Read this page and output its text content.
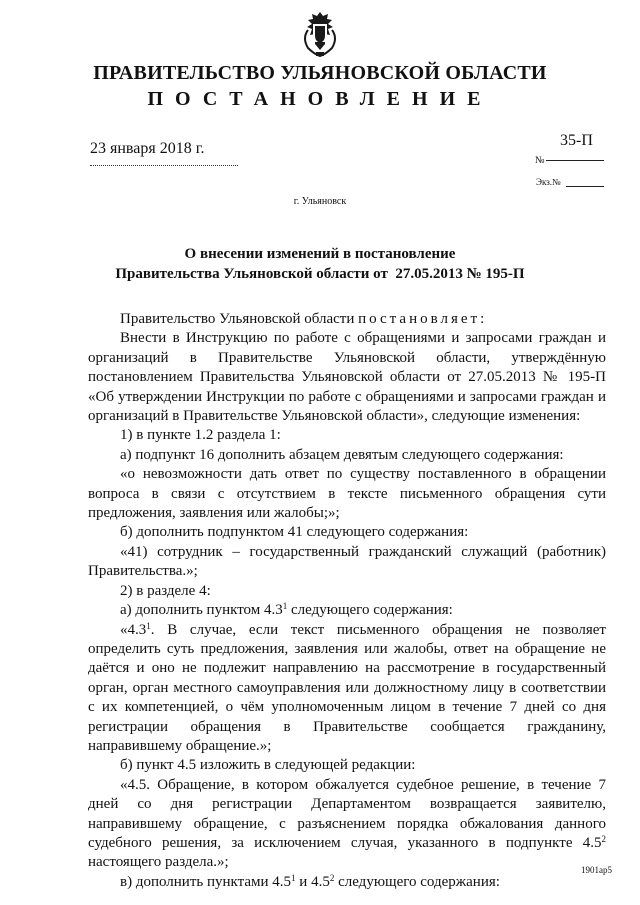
ПРАВИТЕЛЬСТВО УЛЬЯНОВСКОЙ ОБЛАСТИ
ПОСТАНОВЛЕНИЕ
23 января 2018 г.	35-П
№
Экз.№
г. Ульяновск
О внесении изменений в постановление
Правительства Ульяновской области от  27.05.2013 № 195-П

Правительство Ульяновской области постановляет:

Внести в Инструкцию по работе с обращениями и запросами граждан и организаций в Правительстве Ульяновской области, утверждённую постановлением Правительства Ульяновской области от 27.05.2013 № 195-П «Об утверждении Инструкции по работе с обращениями и запросами граждан и организаций в Правительстве Ульяновской области», следующие изменения:

1) в пункте 1.2 раздела 1:

а) подпункт 16 дополнить абзацем девятым следующего содержания:

«о невозможности дать ответ по существу поставленного в обращении вопроса в связи с отсутствием в тексте письменного обращения сути предложения, заявления или жалобы;»;

б) дополнить подпунктом 41 следующего содержания:

«41) сотрудник – государственный гражданский служащий (работник) Правительства.»;

2) в разделе 4:

а) дополнить пунктом $4.3^1$ следующего содержания:

«$4.3^1$. В случае, если текст письменного обращения не позволяет определить суть предложения, заявления или жалобы, ответ на обращение не даётся и оно не подлежит направлению на рассмотрение в государственный орган, орган местного самоуправления или должностному лицу в соответствии с их компетенцией, о чём уполномоченным лицом в течение 7 дней со дня регистрации обращения в Правительстве сообщается гражданину, направившему обращение.»;

б) пункт 4.5 изложить в следующей редакции:

«4.5. Обращение, в котором обжалуется судебное решение, в течение 7 дней со дня регистрации Департаментом возвращается заявителю, направившему обращение, с разъяснением порядка обжалования данного судебного решения, за исключением случая, указанного в подпункте $4.5^2$ настоящего раздела.»;

в) дополнить пунктами $4.5^1$ и $4.5^2$ следующего содержания:

1901ар5
